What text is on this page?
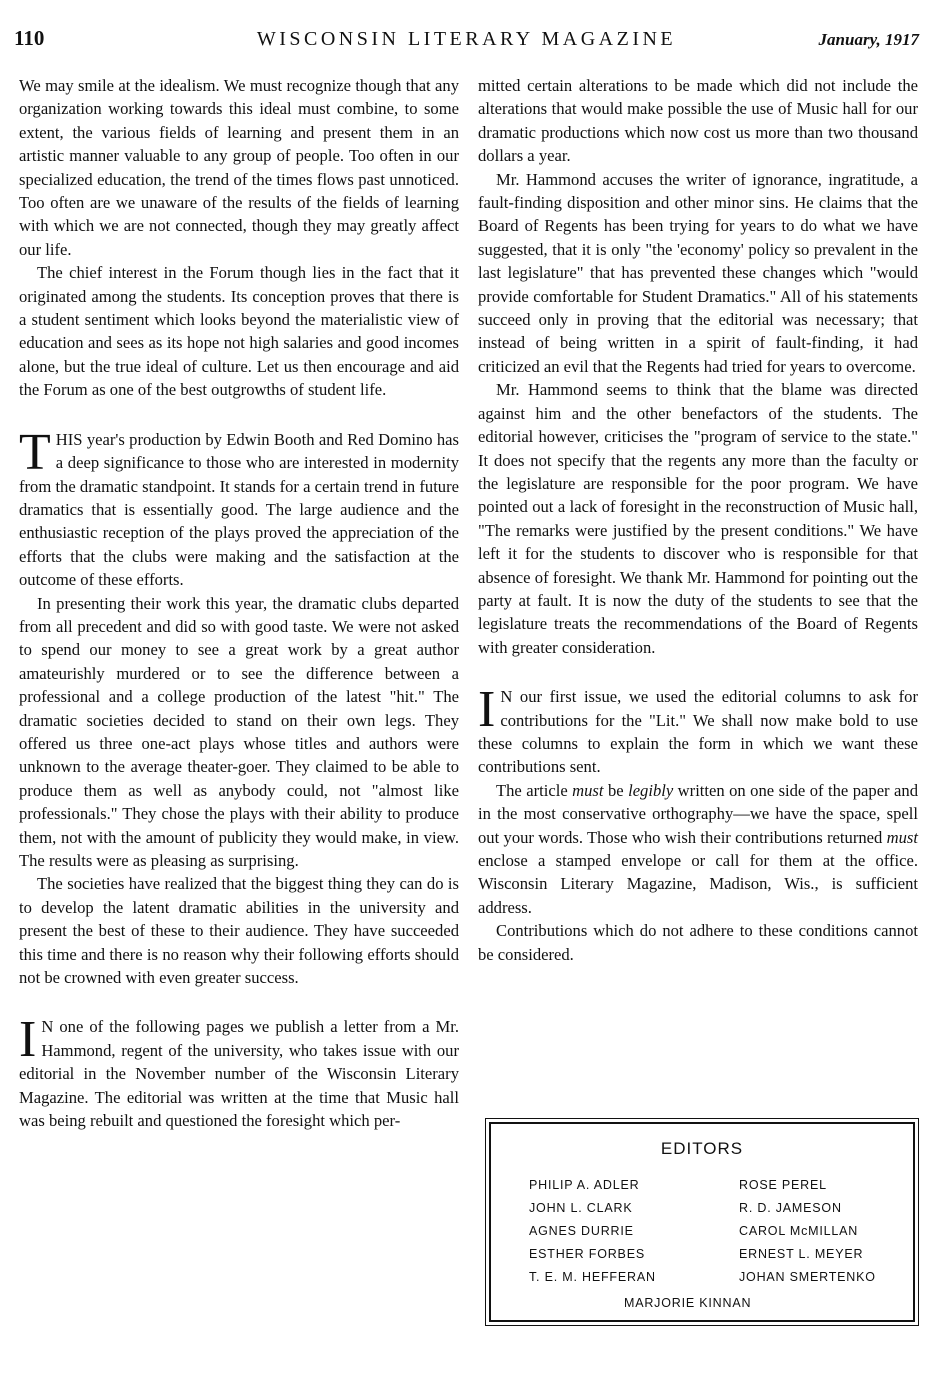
110	WISCONSIN LITERARY MAGAZINE	January, 1917

We may smile at the idealism. We must recognize though that any organization working towards this ideal must combine, to some extent, the various fields of learning and present them in an artistic manner valuable to any group of people. Too often in our specialized education, the trend of the times flows past unnoticed. Too often are we unaware of the results of the fields of learning with which we are not connected, though they may greatly affect our life.

The chief interest in the Forum though lies in the fact that it originated among the students. Its conception proves that there is a student sentiment which looks beyond the materialistic view of education and sees as its hope not high salaries and good incomes alone, but the true ideal of culture. Let us then encourage and aid the Forum as one of the best outgrowths of student life.

THIS year's production by Edwin Booth and Red Domino has a deep significance to those who are interested in modernity from the dramatic standpoint. It stands for a certain trend in future dramatics that is essentially good. The large audience and the enthusiastic reception of the plays proved the appreciation of the efforts that the clubs were making and the satisfaction at the outcome of these efforts.

In presenting their work this year, the dramatic clubs departed from all precedent and did so with good taste. We were not asked to spend our money to see a great work by a great author amateurishly murdered or to see the difference between a professional and a college production of the latest "hit." The dramatic societies decided to stand on their own legs. They offered us three one-act plays whose titles and authors were unknown to the average theater-goer. They claimed to be able to produce them as well as anybody could, not "almost like professionals." They chose the plays with their ability to produce them, not with the amount of publicity they would make, in view. The results were as pleasing as surprising.

The societies have realized that the biggest thing they can do is to develop the latent dramatic abilities in the university and present the best of these to their audience. They have succeeded this time and there is no reason why their following efforts should not be crowned with even greater success.

I N one of the following pages we publish a letter from a Mr. Hammond, regent of the university, who takes issue with our editorial in the November number of the Wisconsin Literary Magazine. The editorial was written at the time that Music hall was being rebuilt and questioned the foresight which per-

mitted certain alterations to be made which did not include the alterations that would make possible the use of Music hall for our dramatic productions which now cost us more than two thousand dollars a year.

Mr. Hammond accuses the writer of ignorance, ingratitude, a fault-finding disposition and other minor sins. He claims that the Board of Regents has been trying for years to do what we have suggested, that it is only "the 'economy' policy so prevalent in the last legislature" that has prevented these changes which "would provide comfortable for Student Dramatics." All of his statements succeed only in proving that the editorial was necessary; that instead of being written in a spirit of fault-finding, it had criticized an evil that the Regents had tried for years to overcome.

Mr. Hammond seems to think that the blame was directed against him and the other benefactors of the students. The editorial however, criticises the "program of service to the state." It does not specify that the regents any more than the faculty or the legislature are responsible for the poor program. We have pointed out a lack of foresight in the reconstruction of Music hall, "The remarks were justified by the present conditions." We have left it for the students to discover who is responsible for that absence of foresight. We thank Mr. Hammond for pointing out the party at fault. It is now the duty of the students to see that the legislature treats the recommendations of the Board of Regents with greater consideration.

I N our first issue, we used the editorial columns to ask for contributions for the "Lit." We shall now make bold to use these columns to explain the form in which we want these contributions sent.

The article must be legibly written on one side of the paper and in the most conservative orthography—we have the space, spell out your words. Those who wish their contributions returned must enclose a stamped envelope or call for them at the office. Wisconsin Literary Magazine, Madison, Wis., is sufficient address.

Contributions which do not adhere to these conditions cannot be considered.

EDITORS
PHILIP A. ADLER	ROSE PEREL
JOHN L. CLARK	R. D. JAMESON
AGNES DURRIE	CAROL McMILLAN
ESTHER FORBES	ERNEST L. MEYER
T. E. M. HEFFERAN	JOHAN SMERTENKO
MARJORIE KINNAN
